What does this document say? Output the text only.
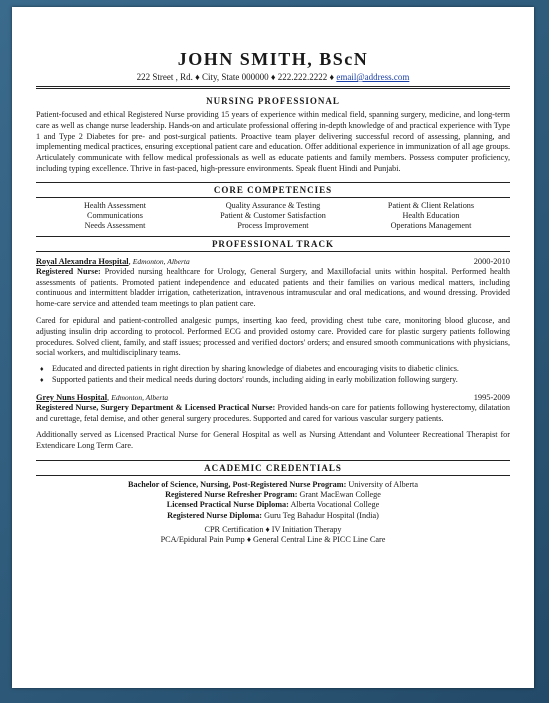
JOHN SMITH, BScN
222 Street , Rd. ♦ City, State 000000 ♦ 222.222.2222 ♦ email@address.com
NURSING PROFESSIONAL

Patient-focused and ethical Registered Nurse providing 15 years of experience within medical field, spanning surgery, medicine, and long-term care as well as change nurse leadership. Hands-on and articulate professional offering in-depth knowledge of and practical experience with Type 1 and Type 2 Diabetes for pre- and post-surgical patients. Proactive team player delivering successful record of assessing, planning, and implementing medical practices, ensuring exceptional patient care and education. Offer additional experience in immunization of all age groups. Articulately communicate with fellow medical professionals as well as educate patients and family members. Possess computer proficiency, including typing excellence. Thrive in fast-paced, high-pressure environments. Speak fluent Hindi and Punjabi.

CORE COMPETENCIES
Health Assessment	Quality Assurance & Testing	Patient & Client Relations
Communications	Patient & Customer Satisfaction	Health Education
Needs Assessment	Process Improvement	Operations Management
PROFESSIONAL TRACK
Royal Alexandra Hospital, Edmonton, Alberta	2000-2010

Registered Nurse: Provided nursing healthcare for Urology, General Surgery, and Maxillofacial units within hospital. Performed health assessments of patients. Promoted patient independence and educated patients and their families on various medical matters, including continuous and intermittent bladder irrigation, catheterization, intravenous intramuscular and oral medications, and wound dressing. Provided home-care service and attended team meetings to plan patient care.

Cared for epidural and patient-controlled analgesic pumps, inserting kao feed, providing chest tube care, monitoring blood glucose, and adjusting insulin drip according to protocol. Performed ECG and provided ostomy care. Provided care for plastic surgery patients following procedures. Solved client, family, and staff issues; processed and verified doctors' orders; and ensured smooth communications with physicians, social workers, and multidisciplinary teams.

♦ Educated and directed patients in right direction by sharing knowledge of diabetes and encouraging visits to diabetic clinics.
♦ Supported patients and their medical needs during doctors' rounds, including aiding in early mobilization following surgery.
Grey Nuns Hospital, Edmonton, Alberta	1995-2009

Registered Nurse, Surgery Department & Licensed Practical Nurse: Provided hands-on care for patients following hysterectomy, dilatation and curettage, fetal demise, and other general surgery procedures. Supported and cared for various vascular surgery patients.

Additionally served as Licensed Practical Nurse for General Hospital as well as Nursing Attendant and Volunteer Recreational Therapist for Extendicare Long Term Care.

ACADEMIC CREDENTIALS
Bachelor of Science, Nursing, Post-Registered Nurse Program: University of Alberta
Registered Nurse Refresher Program: Grant MacEwan College
Licensed Practical Nurse Diploma: Alberta Vocational College
Registered Nurse Diploma: Guru Teg Bahadur Hospital (India)
CPR Certification ♦ IV Initiation Therapy
PCA/Epidural Pain Pump ♦ General Central Line & PICC Line Care
